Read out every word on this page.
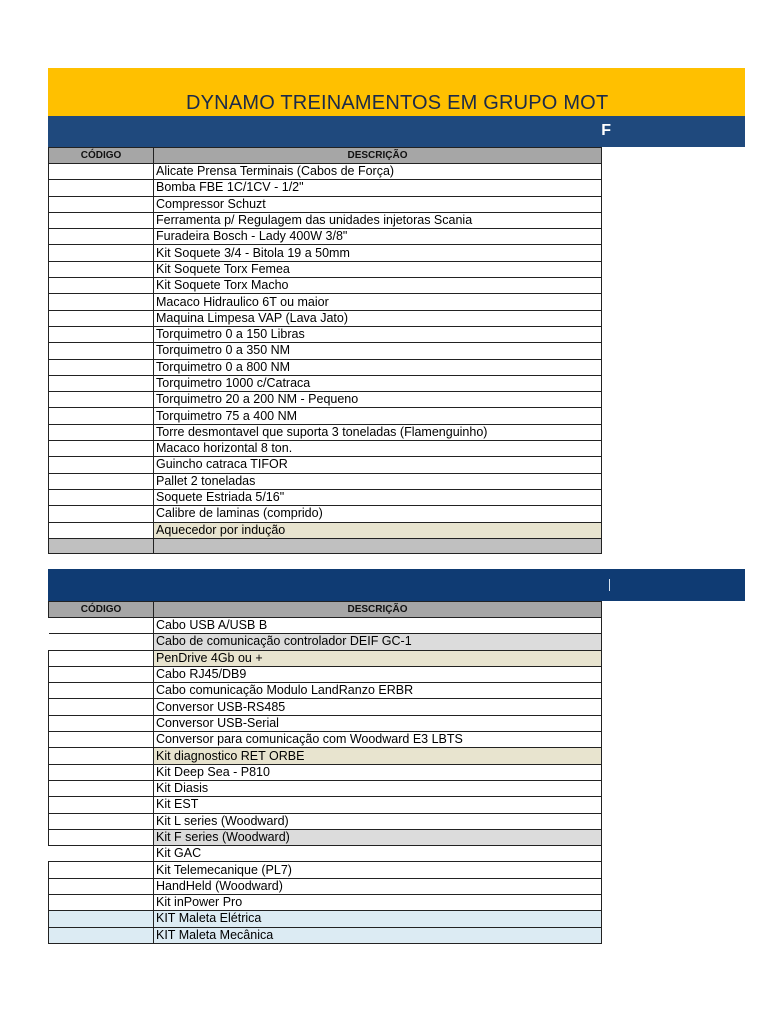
DYNAMO TREINAMENTOS EM GRUPO MOT
F
CÓDIGO	DESCRIÇÃO
	Alicate Prensa Terminais (Cabos de Força)
	Bomba FBE 1C/1CV - 1/2"
	Compressor Schuzt
	Ferramenta p/ Regulagem das unidades injetoras Scania
	Furadeira Bosch - Lady 400W 3/8"
	Kit Soquete 3/4 - Bitola 19 a 50mm
	Kit Soquete Torx Femea
	Kit Soquete Torx Macho
	Macaco Hidraulico 6T ou maior
	Maquina Limpesa VAP (Lava Jato)
	Torquimetro 0 a 150 Libras
	Torquimetro 0 a 350 NM
	Torquimetro 0 a 800 NM
	Torquimetro 1000 c/Catraca
	Torquimetro 20 a 200 NM - Pequeno
	Torquimetro 75 a 400 NM
	Torre desmontavel que suporta 3 toneladas (Flamenguinho)
	Macaco horizontal 8 ton.
	Guincho catraca TIFOR
	Pallet 2 toneladas
	Soquete Estriada 5/16"
	Calibre de laminas (comprido)
	Aquecedor por indução

CÓDIGO	DESCRIÇÃO
	Cabo USB A/USB B
	Cabo de comunicação controlador DEIF GC-1
	PenDrive 4Gb ou +
	Cabo RJ45/DB9
	Cabo comunicação Modulo LandRanzo ERBR
	Conversor USB-RS485
	Conversor USB-Serial
	Conversor para comunicação com Woodward E3 LBTS
	Kit diagnostico RET ORBE
	Kit Deep Sea - P810
	Kit Diasis
	Kit EST
	Kit L series (Woodward)
	Kit F series (Woodward)
	Kit GAC
	Kit Telemecanique (PL7)
	HandHeld (Woodward)
	Kit inPower Pro
	KIT Maleta Elétrica
	KIT Maleta Mecânica
